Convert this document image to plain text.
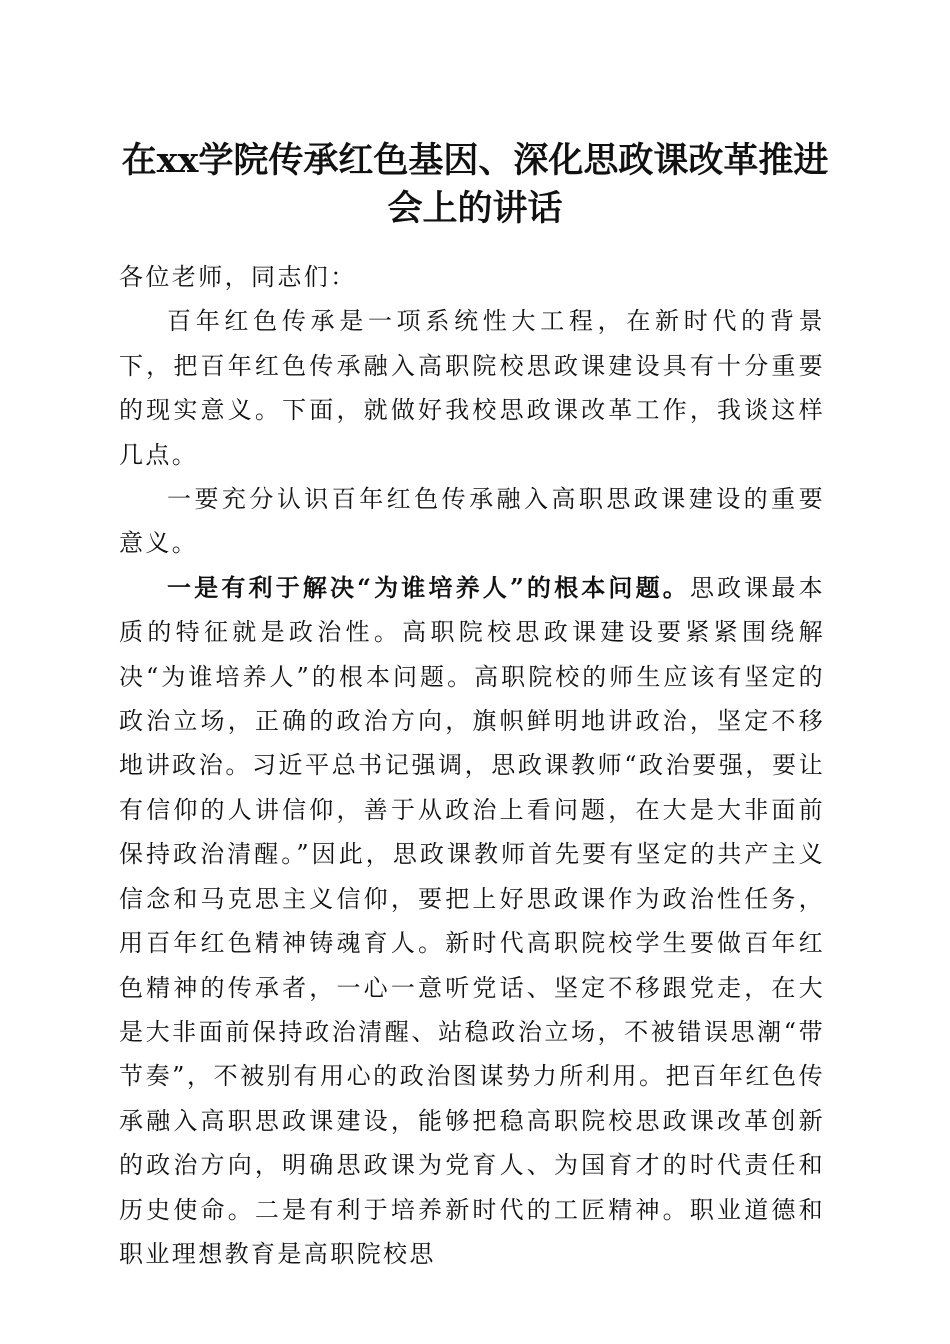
在xx学院传承红色基因、深化思政课改革推进会上的讲话

各位老师，同志们：

百年红色传承是一项系统性大工程，在新时代的背景下，把百年红色传承融入高职院校思政课建设具有十分重要的现实意义。下面，就做好我校思政课改革工作，我谈这样几点。

一要充分认识百年红色传承融入高职思政课建设的重要意义。

一是有利于解决“为谁培养人”的根本问题。思政课最本质的特征就是政治性。高职院校思政课建设要紧紧围绕解决“为谁培养人”的根本问题。高职院校的师生应该有坚定的政治立场，正确的政治方向，旗帜鲜明地讲政治，坚定不移地讲政治。习近平总书记强调，思政课教师“政治要强，要让有信仰的人讲信仰，善于从政治上看问题，在大是大非面前保持政治清醒。”因此，思政课教师首先要有坚定的共产主义信念和马克思主义信仰，要把上好思政课作为政治性任务，用百年红色精神铸魂育人。新时代高职院校学生要做百年红色精神的传承者，一心一意听党话、坚定不移跟党走，在大是大非面前保持政治清醒、站稳政治立场，不被错误思潮“带节奏”，不被别有用心的政治图谋势力所利用。把百年红色传承融入高职思政课建设，能够把稳高职院校思政课改革创新的政治方向，明确思政课为党育人、为国育才的时代责任和历史使命。二是有利于培养新时代的工匠精神。职业道德和职业理想教育是高职院校思
